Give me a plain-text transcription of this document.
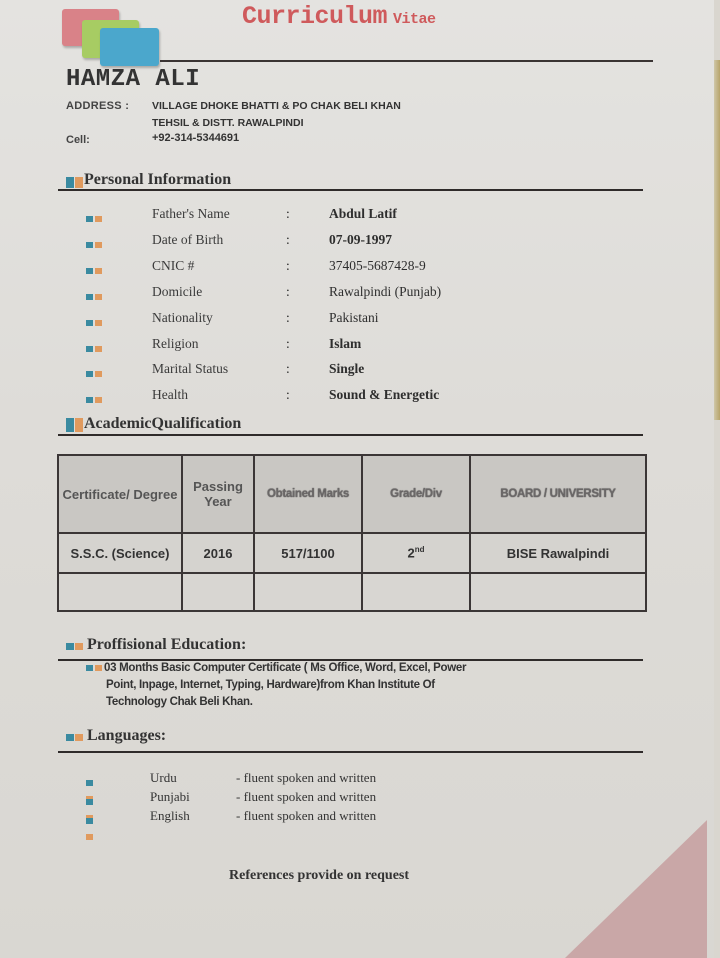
Curriculum Vitae
HAMZA ALI
ADDRESS : VILLAGE DHOKE BHATTI & PO CHAK BELI KHAN
TEHSIL & DISTT. RAWALPINDI
Cell:	+92-314-5344691
Personal Information
Father's Name	:	Abdul Latif
Date of Birth	:	07-09-1997
CNIC #	:	37405-5687428-9
Domicile	:	Rawalpindi (Punjab)
Nationality	:	Pakistani
Religion	:	Islam
Marital Status	:	Single
Health	:	Sound & Energetic
AcademicQualification
Certificate/ Degree	Passing Year	Obtained Marks	Grade/Div	BOARD / UNIVERSITY
S.S.C. (Science)	2016	517/1100	2nd	BISE Rawalpindi

Proffisional Education:
03 Months Basic Computer Certificate ( Ms Office, Word, Excel, Power
Point, Inpage, Internet, Typing, Hardware)from Khan Institute Of
Technology Chak Beli Khan.
Languages:
Urdu	- fluent spoken and written
Punjabi	- fluent spoken and written
English	- fluent spoken and written
References provide on request
